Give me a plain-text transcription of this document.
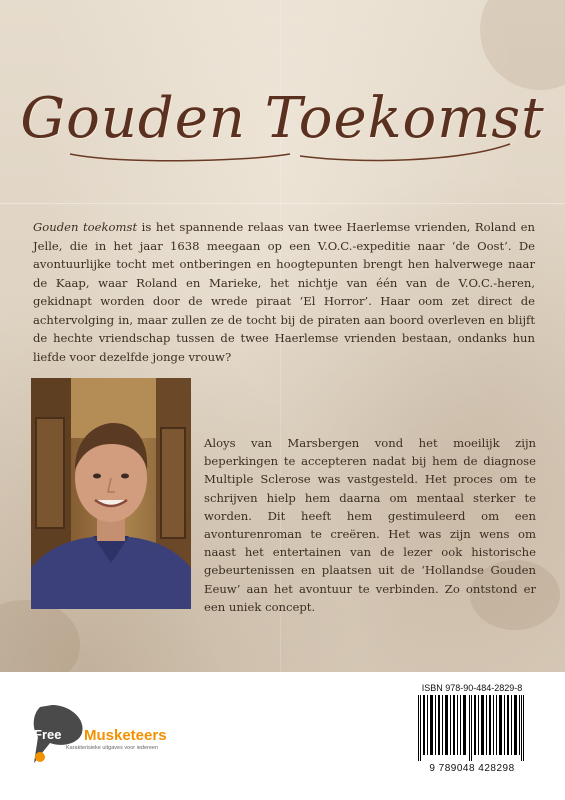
Gouden Toekomst
Gouden toekomst is het spannende relaas van twee Haerlemse vrienden, Roland en Jelle, die in het jaar 1638 meegaan op een V.O.C.-expeditie naar ‘de Oost’. De avontuurlijke tocht met ontberingen en hoogtepunten brengt hen halverwege naar de Kaap, waar Roland en Marieke, het nichtje van één van de V.O.C.-heren, gekidnapt worden door de wrede piraat ‘El Horror’. Haar oom zet direct de achtervolging in, maar zullen ze de tocht bij de piraten aan boord overleven en blijft de hechte vriendschap tussen de twee Haerlemse vrienden bestaan, ondanks hun liefde voor dezelfde jonge vrouw?
Aloys van Marsbergen vond het moeilijk zijn beperkingen te accepteren nadat bij hem de diagnose Multiple Sclerose was vastgesteld. Het proces om te schrijven hielp hem daarna om mentaal sterker te worden. Dit heeft hem gestimuleerd om een avonturenroman te creëren. Het was zijn wens om naast het entertainen van de lezer ook historische gebeurtenissen en plaatsen uit de ‘Hollandse Gouden Eeuw’ aan het avontuur te verbinden. Zo ontstond er een uniek concept.
Free Musketeers
Karakterisieke uitgaves voor iedereen
ISBN 978-90-484-2829-8
9 789048 428298
